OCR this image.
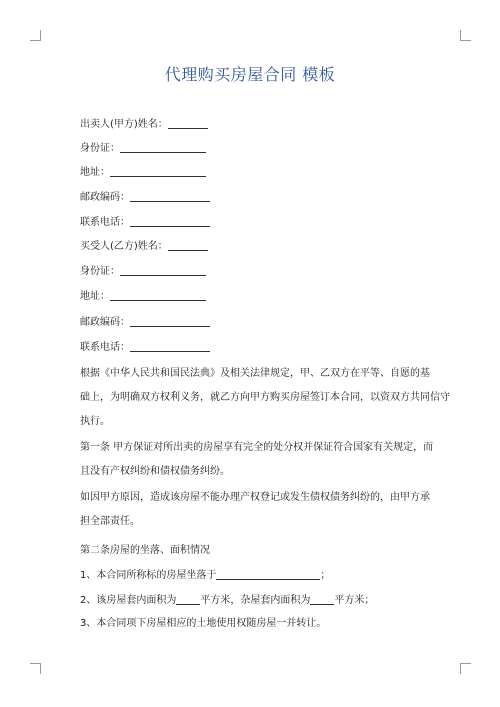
代理购买房屋合同 模板
出卖人(甲方)姓名：
身份证：
地址：
邮政编码：
联系电话：
买受人(乙方)姓名：
身份证：
地址：
邮政编码：
联系电话：
根据《中华人民共和国民法典》及相关法律规定，甲、乙双方在平等、自愿的基
础上，为明确双方权利义务，就乙方向甲方购买房屋签订本合同，以资双方共同信守
执行。
第一条 甲方保证对所出卖的房屋享有完全的处分权并保证符合国家有关规定，而
且没有产权纠纷和债权债务纠纷。
如因甲方原因，造成该房屋不能办理产权登记或发生债权债务纠纷的，由甲方承
担全部责任。
第二条房屋的坐落、面积情况
1、本合同所称标的房屋坐落于	；
2、该房屋套内面积为 平方米，杂屋套内面积为 平方米；
3、本合同项下房屋相应的土地使用权随房屋一并转让。
